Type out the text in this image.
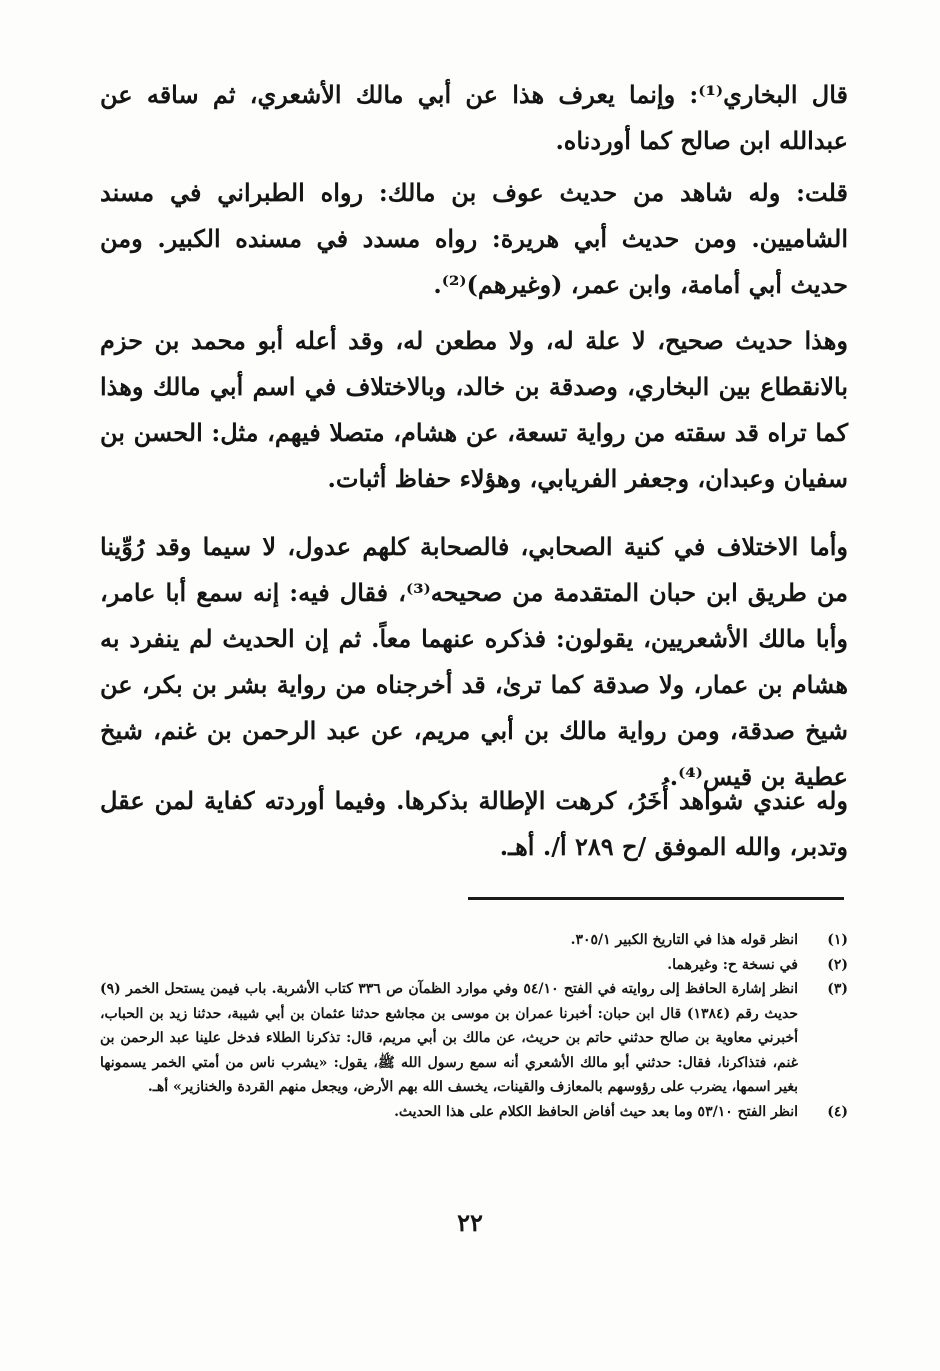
قال البخاري⁽¹⁾: وإنما يعرف هذا عن أبي مالك الأشعري، ثم ساقه عن عبدالله ابن صالح كما أوردناه.

قلت: وله شاهد من حديث عوف بن مالك: رواه الطبراني في مسند الشاميين. ومن حديث أبي هريرة: رواه مسدد في مسنده الكبير. ومن حديث أبي أمامة، وابن عمر، (وغيرهم)⁽²⁾.

وهذا حديث صحيح، لا علة له، ولا مطعن له، وقد أعله أبو محمد بن حزم بالانقطاع بين البخاري، وصدقة بن خالد، وبالاختلاف في اسم أبي مالك وهذا كما تراه قد سقته من رواية تسعة، عن هشام، متصلا فيهم، مثل: الحسن بن سفيان وعبدان، وجعفر الفريابي، وهؤلاء حفاظ أثبات.

وأما الاختلاف في كنية الصحابي، فالصحابة كلهم عدول، لا سيما وقد رُوِّينا من طريق ابن حبان المتقدمة من صحيحه⁽³⁾، فقال فيه: إنه سمع أبا عامر، وأبا مالك الأشعريين، يقولون: فذكره عنهما معاً. ثم إن الحديث لم ينفرد به هشام بن عمار، ولا صدقة كما ترىٰ، قد أخرجناه من رواية بشر بن بكر، عن شيخ صدقة، ومن رواية مالك بن أبي مريم، عن عبد الرحمن بن غنم، شيخ عطية بن قيس⁽⁴⁾.

وله عندي شواهد أُخَرُ، كرهت الإطالة بذكرها. وفيما أوردته كفاية لمن عقل وتدبر، والله الموفق /ح ٢٨٩ أ/. أهـ.

(١)
انظر قوله هذا في التاريخ الكبير ٣٠٥/١.
(٢)
في نسخة ح: وغيرهما.
(٣)
انظر إشارة الحافظ إلى روايته في الفتح ٥٤/١٠ وفي موارد الظمآن ص ٣٣٦ كتاب الأشربة. باب فيمن يستحل الخمر (٩) حديث رقم (١٣٨٤) قال ابن حبان: أخبرنا عمران بن موسى بن مجاشع حدثنا عثمان بن أبي شيبة، حدثنا زيد بن الحباب، أخبرني معاوية بن صالح حدثني حاتم بن حريث، عن مالك بن أبي مريم، قال: تذكرنا الطلاء فدخل علينا عبد الرحمن بن غنم، فتذاكرنا، فقال: حدثني أبو مالك الأشعري أنه سمع رسول الله ﷺ، يقول: «يشرب ناس من أمتي الخمر يسمونها بغير اسمها، يضرب على رؤوسهم بالمعازف والقينات، يخسف الله بهم الأرض، ويجعل منهم القردة والخنازير» أهـ.
(٤)
انظر الفتح ٥٣/١٠ وما بعد حيث أفاض الحافظ الكلام على هذا الحديث.
٢٢
